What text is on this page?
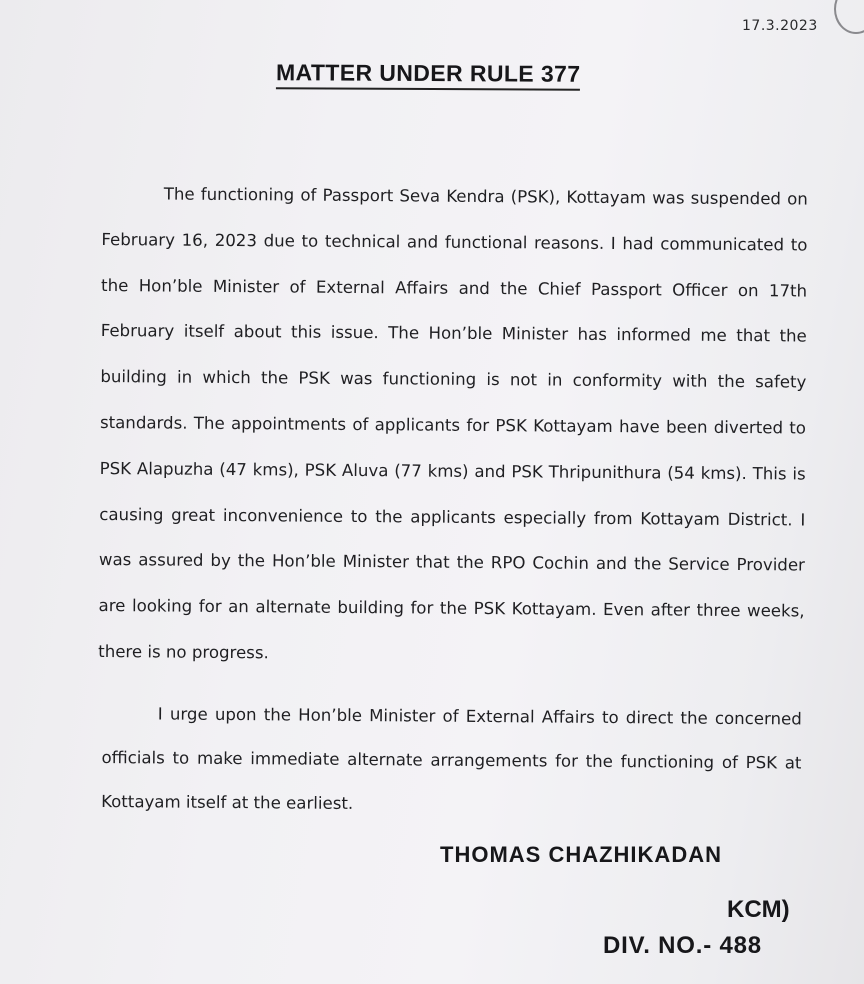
17.3.2023
MATTER UNDER RULE 377

The functioning of Passport Seva Kendra (PSK), Kottayam was suspended on February 16, 2023 due to technical and functional reasons. I had communicated to the Hon’ble Minister of External Affairs and the Chief Passport Officer on 17th February itself about this issue. The Hon’ble Minister has informed me that the building in which the PSK was functioning is not in conformity with the safety standards. The appointments of applicants for PSK Kottayam have been diverted to PSK Alapuzha (47 kms), PSK Aluva (77 kms) and PSK Thripunithura (54 kms). This is causing great inconvenience to the applicants especially from Kottayam District. I was assured by the Hon’ble Minister that the RPO Cochin and the Service Provider are looking for an alternate building for the PSK Kottayam. Even after three weeks, there is no progress.

I urge upon the Hon’ble Minister of External Affairs to direct the concerned officials to make immediate alternate arrangements for the functioning of PSK at Kottayam itself at the earliest.

THOMAS CHAZHIKADAN
KCM)
DIV. NO.- 488
